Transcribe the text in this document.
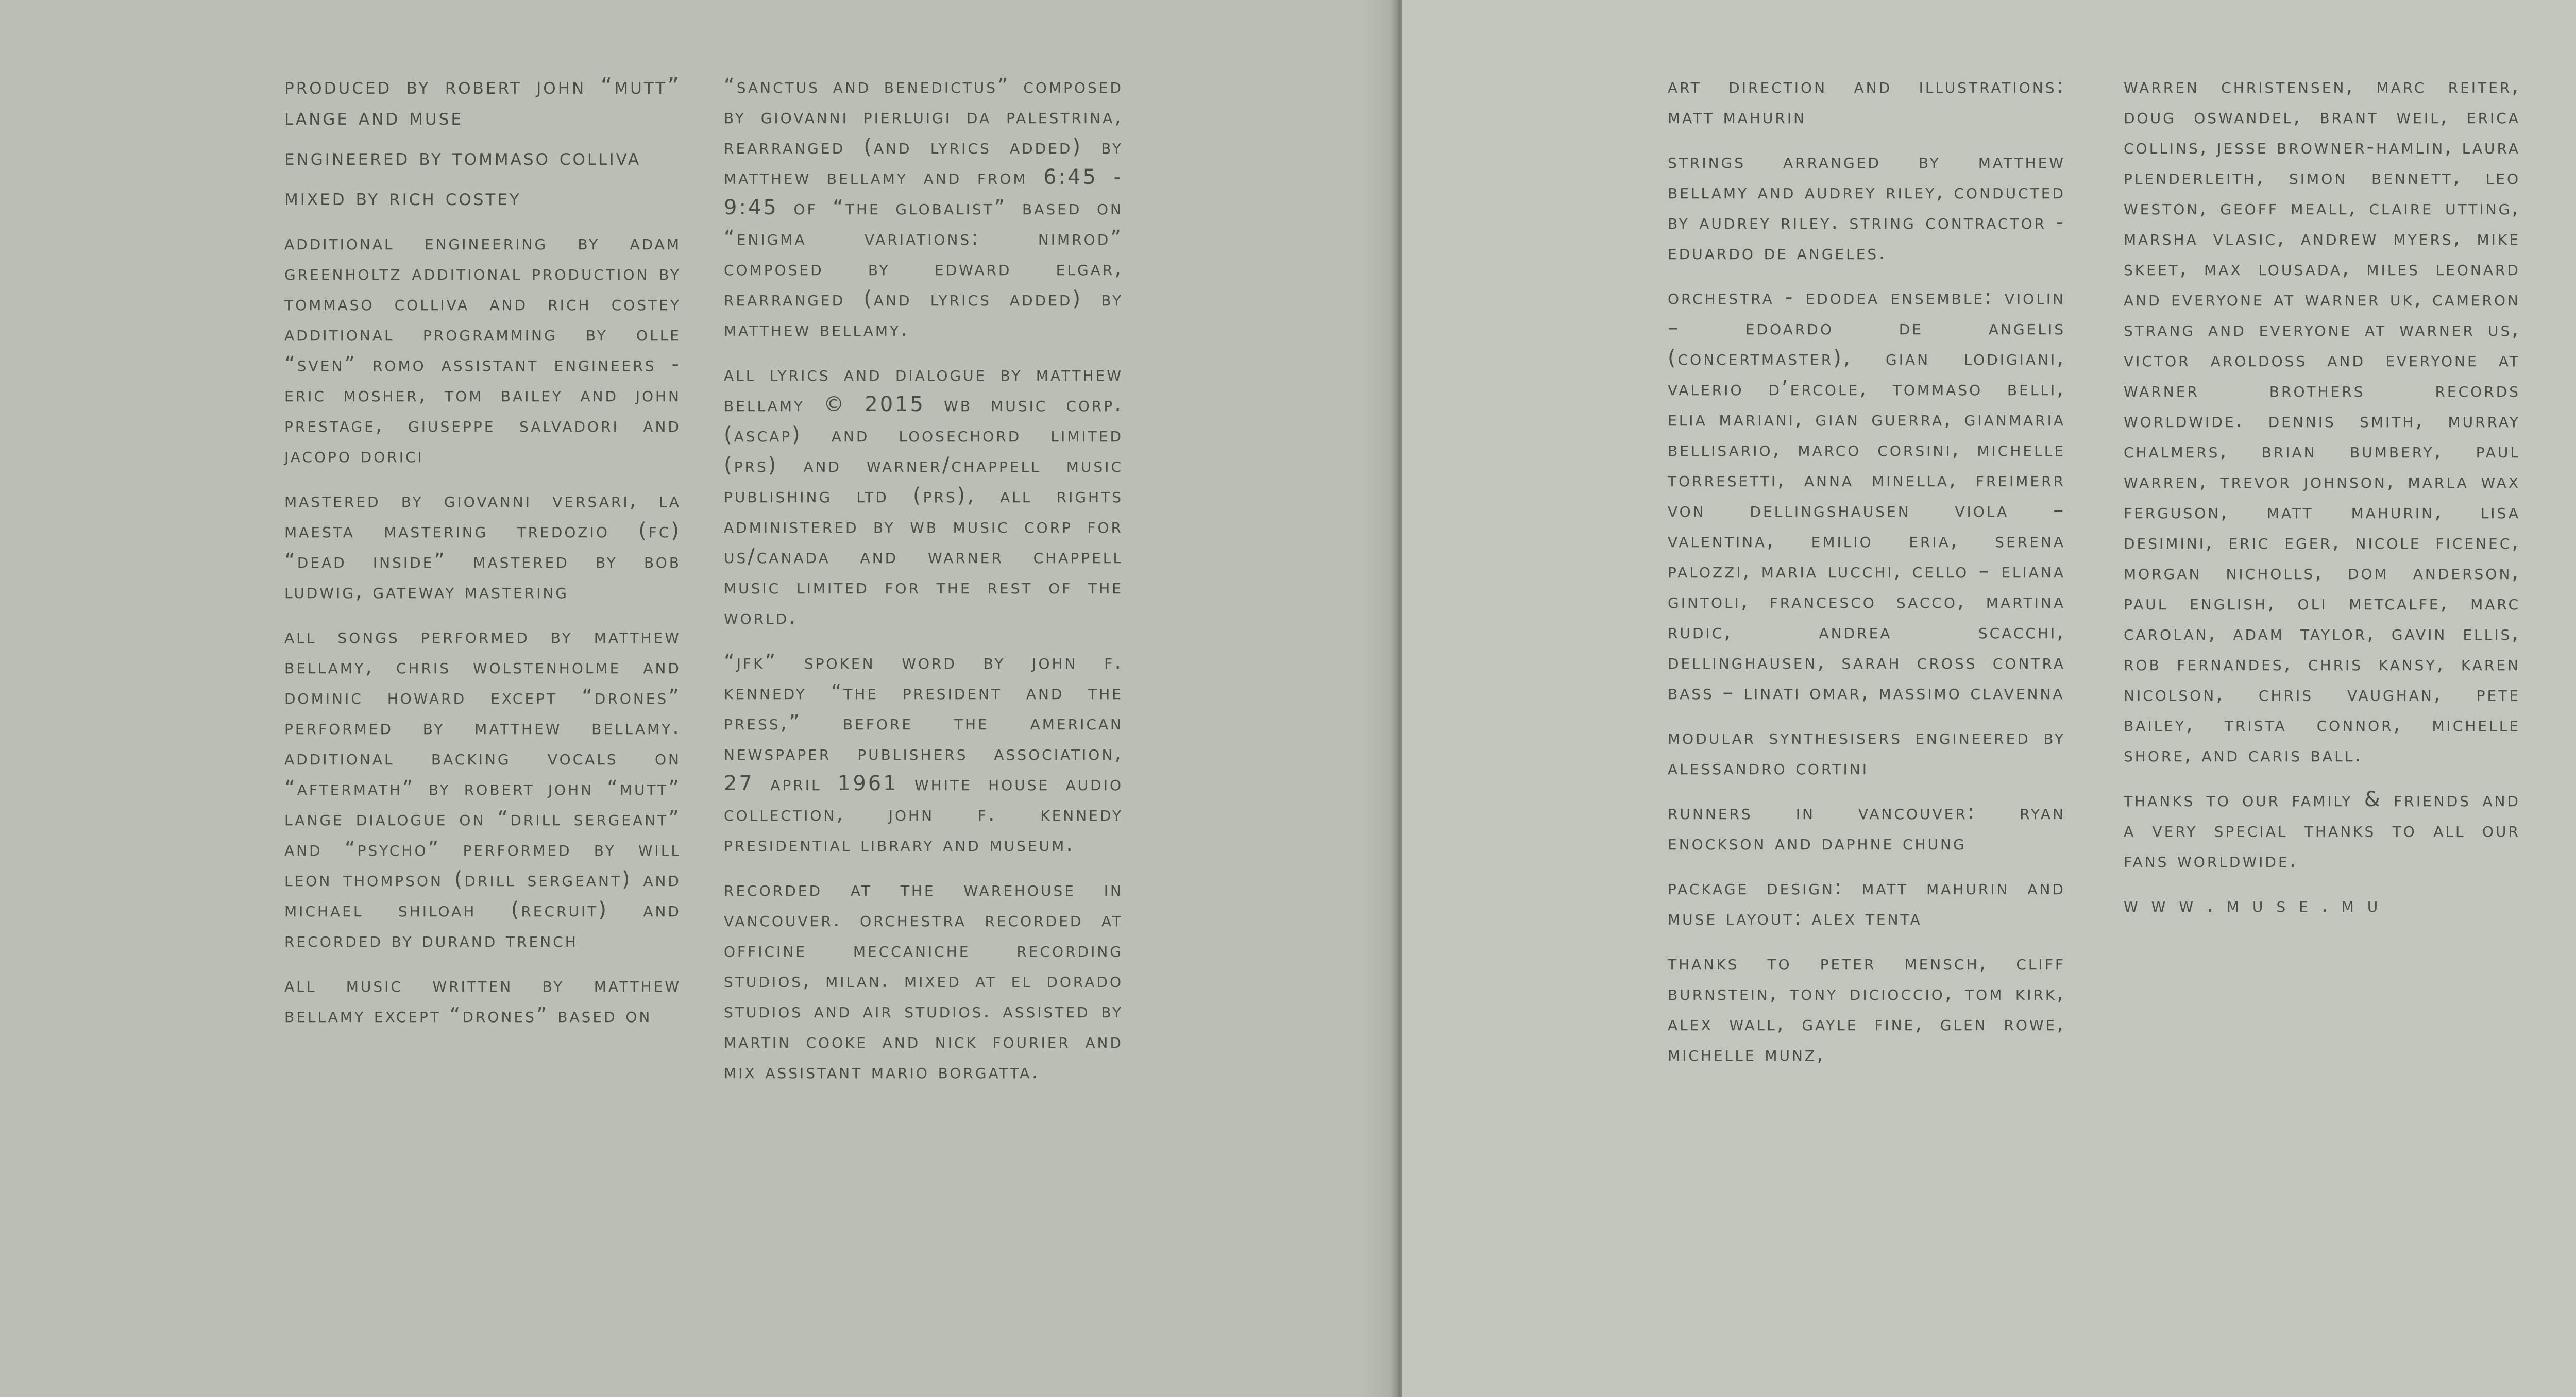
produced by robert john “mutt” lange and muse

engineered by tommaso colliva

mixed by rich costey

additional engineering by adam greenholtz additional production by tommaso colliva and rich costey additional programming by olle “sven” romo assistant engineers - eric mosher, tom bailey and john prestage, giuseppe salvadori and jacopo dorici

mastered by giovanni versari, la maesta mastering tredozio (fc) “dead inside” mastered by bob ludwig, gateway mastering

all songs performed by matthew bellamy, chris wolstenholme and dominic howard except “drones” performed by matthew bellamy. additional backing vocals on “aftermath” by robert john “mutt” lange dialogue on “drill sergeant” and “psycho” performed by will leon thompson (drill sergeant) and michael shiloah (recruit) and recorded by durand trench

all music written by matthew bellamy except “drones” based on

“sanctus and benedictus” composed by giovanni pierluigi da palestrina, rearranged (and lyrics added) by matthew bellamy and from 6:45 - 9:45 of “the globalist” based on “enigma variations: nimrod” composed by edward elgar, rearranged (and lyrics added) by matthew bellamy.

all lyrics and dialogue by matthew bellamy © 2015 wb music corp. (ascap) and loosechord limited (prs) and warner/chappell music publishing ltd (prs), all rights administered by wb music corp for us/canada and warner chappell music limited for the rest of the world.

“jfk” spoken word by john f. kennedy “the president and the press,” before the american newspaper publishers association, 27 april 1961 white house audio collection, john f. kennedy presidential library and museum.

recorded at the warehouse in vancouver. orchestra recorded at officine meccaniche recording studios, milan. mixed at el dorado studios and air studios. assisted by martin cooke and nick fourier and mix assistant mario borgatta.

art direction and illustrations: matt mahurin

strings arranged by matthew bellamy and audrey riley, conducted by audrey riley. string contractor - eduardo de angeles.

orchestra - edodea ensemble: violin – edoardo de angelis (concertmaster), gian lodigiani, valerio d’ercole, tommaso belli, elia mariani, gian guerra, gianmaria bellisario, marco corsini, michelle torresetti, anna minella, freimerr von dellingshausen viola – valentina, emilio eria, serena palozzi, maria lucchi, cello – eliana gintoli, francesco sacco, martina rudic, andrea scacchi, dellinghausen, sarah cross contra bass – linati omar, massimo clavenna

modular synthesisers engineered by alessandro cortini

runners in vancouver: ryan enockson and daphne chung

package design: matt mahurin and muse layout: alex tenta

thanks to peter mensch, cliff burnstein, tony dicioccio, tom kirk, alex wall, gayle fine, glen rowe, michelle munz,

warren christensen, marc reiter, doug oswandel, brant weil, erica collins, jesse browner-hamlin, laura plenderleith, simon bennett, leo weston, geoff meall, claire utting, marsha vlasic, andrew myers, mike skeet, max lousada, miles leonard and everyone at warner uk, cameron strang and everyone at warner us, victor aroldoss and everyone at warner brothers records worldwide. dennis smith, murray chalmers, brian bumbery, paul warren, trevor johnson, marla wax ferguson, matt mahurin, lisa desimini, eric eger, nicole ficenec, morgan nicholls, dom anderson, paul english, oli metcalfe, marc carolan, adam taylor, gavin ellis, rob fernandes, chris kansy, karen nicolson, chris vaughan, pete bailey, trista connor, michelle shore, and caris ball.

thanks to our family & friends and a very special thanks to all our fans worldwide.

www.muse.mu
